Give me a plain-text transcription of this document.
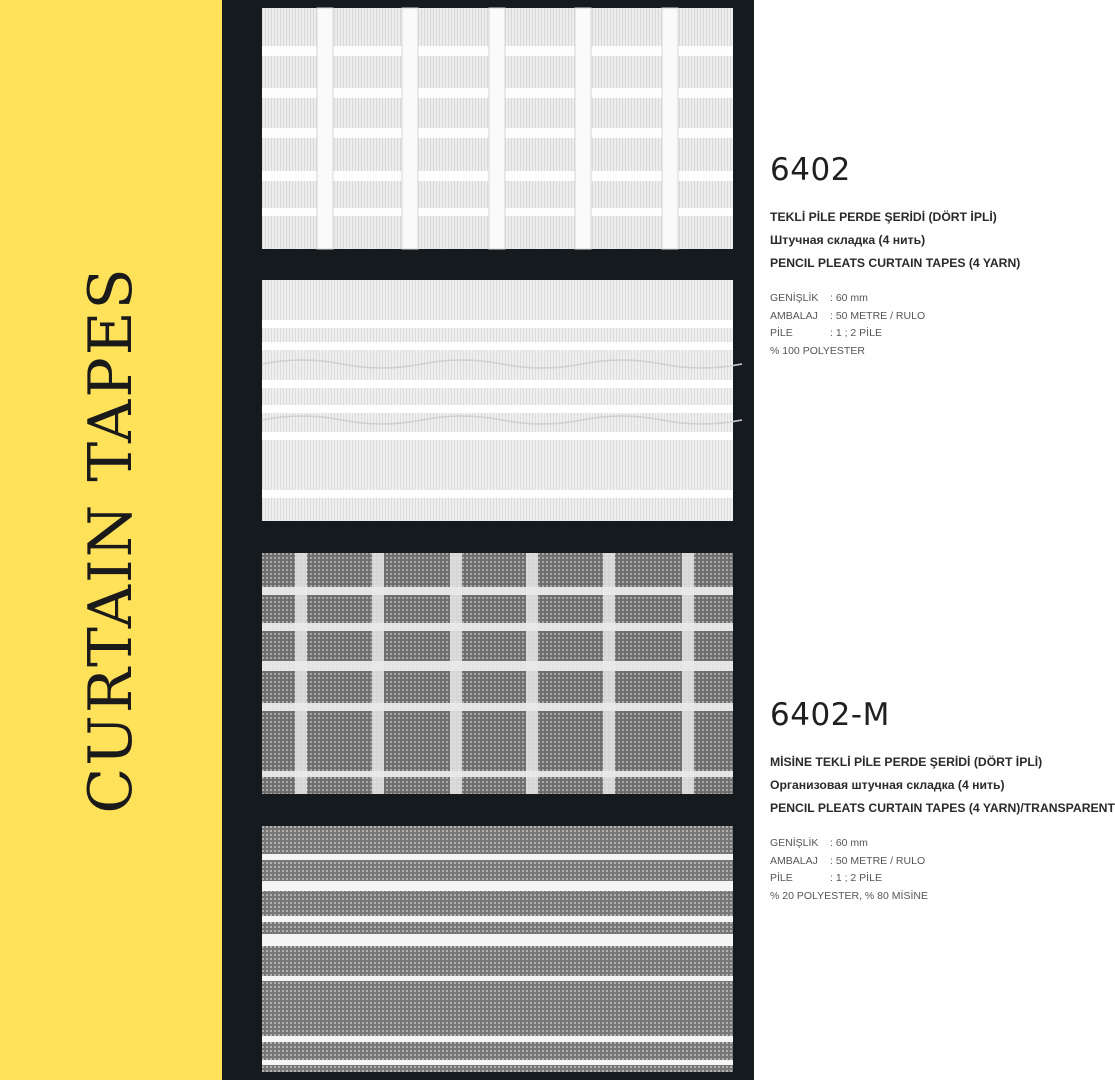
CURTAIN TAPES
6402
TEKLİ PİLE PERDE ŞERİDİ (DÖRT İPLİ)
Штучная складка (4 нить)
PENCIL PLEATS CURTAIN TAPES (4 YARN)
GENİŞLİK	: 60 mm
AMBALAJ	: 50 METRE / RULO
PİLE	: 1 ; 2 PİLE
% 100 POLYESTER
6402-M
MİSİNE TEKLİ PİLE PERDE ŞERİDİ (DÖRT İPLİ)
Организовая штучная складка (4 нить)
PENCIL PLEATS CURTAIN TAPES (4 YARN)/TRANSPARENT
GENİŞLİK	: 60 mm
AMBALAJ	: 50 METRE / RULO
PİLE	: 1 ; 2 PİLE
% 20 POLYESTER, % 80 MİSİNE
